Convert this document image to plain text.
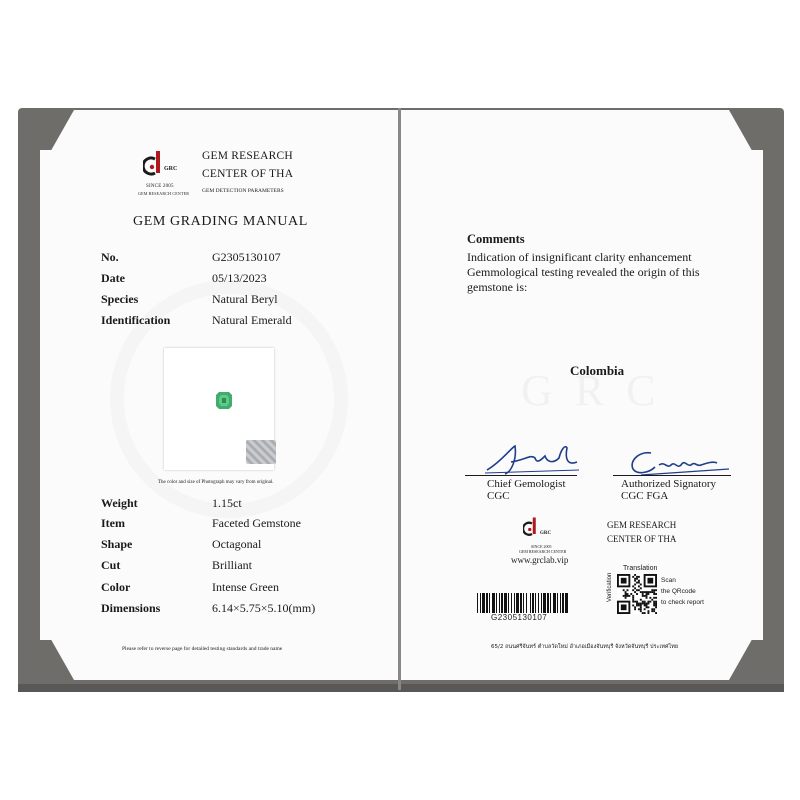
GRC
SINCE 2005
GEM RESEARCH CENTER
GEM RESEARCH
CENTER OF THA
GEM DETECTION PARAMETERS
GEM GRADING MANUAL
No.	G2305130107
Date	05/13/2023
Species	Natural Beryl
Identification	Natural Emerald
The color and size of Photograph may vary from original.
Weight	1.15ct
Item	Faceted Gemstone
Shape	Octagonal
Cut	Brilliant
Color	Intense Green
Dimensions	6.14×5.75×5.10(mm)
Please refer to reverse page for detailed testing standards and trade name
Comments
Indication of insignificant clarity enhancement
Gemmological testing revealed the origin of this
gemstone is:
Colombia
Chief Gemologist
CGC
Authorized Signatory
CGC FGA
GRC
SINCE 2005
GEM RESEARCH CENTER
www.grclab.vip
GEM RESEARCH
CENTER OF THA
G2305130107
Translation
Verification	Scan
the QRcode
to check report
65/2 ถนนศรีจันทร์ ตำบลวัดใหม่ อำเภอเมืองจันทบุรี จังหวัดจันทบุรี ประเทศไทย
